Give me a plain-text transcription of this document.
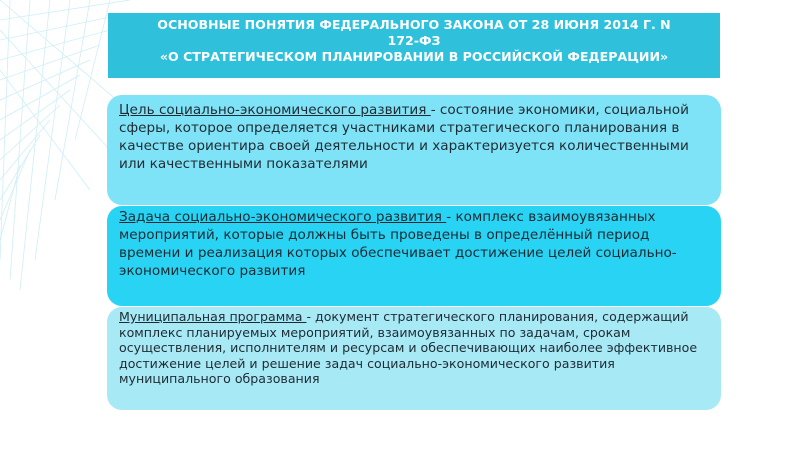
ОСНОВНЫЕ ПОНЯТИЯ ФЕДЕРАЛЬНОГО ЗАКОНА ОТ 28 ИЮНЯ 2014 Г. N
172-ФЗ
«О СТРАТЕГИЧЕСКОМ ПЛАНИРОВАНИИ В РОССИЙСКОЙ ФЕДЕРАЦИИ»
Цель социально-экономического развития - состояние экономики, социальной сферы, которое определяется участниками стратегического планирования в качестве ориентира своей деятельности и характеризуется количественными или качественными показателями
Задача социально-экономического развития - комплекс взаимоувязанных мероприятий, которые должны быть проведены в определённый период времени и реализация которых обеспечивает достижение целей социально-экономического развития
Муниципальная программа - документ стратегического планирования, содержащий комплекс планируемых мероприятий, взаимоувязанных по задачам, срокам осуществления, исполнителям и ресурсам и обеспечивающих наиболее эффективное достижение целей и решение задач социально-экономического развития муниципального образования
